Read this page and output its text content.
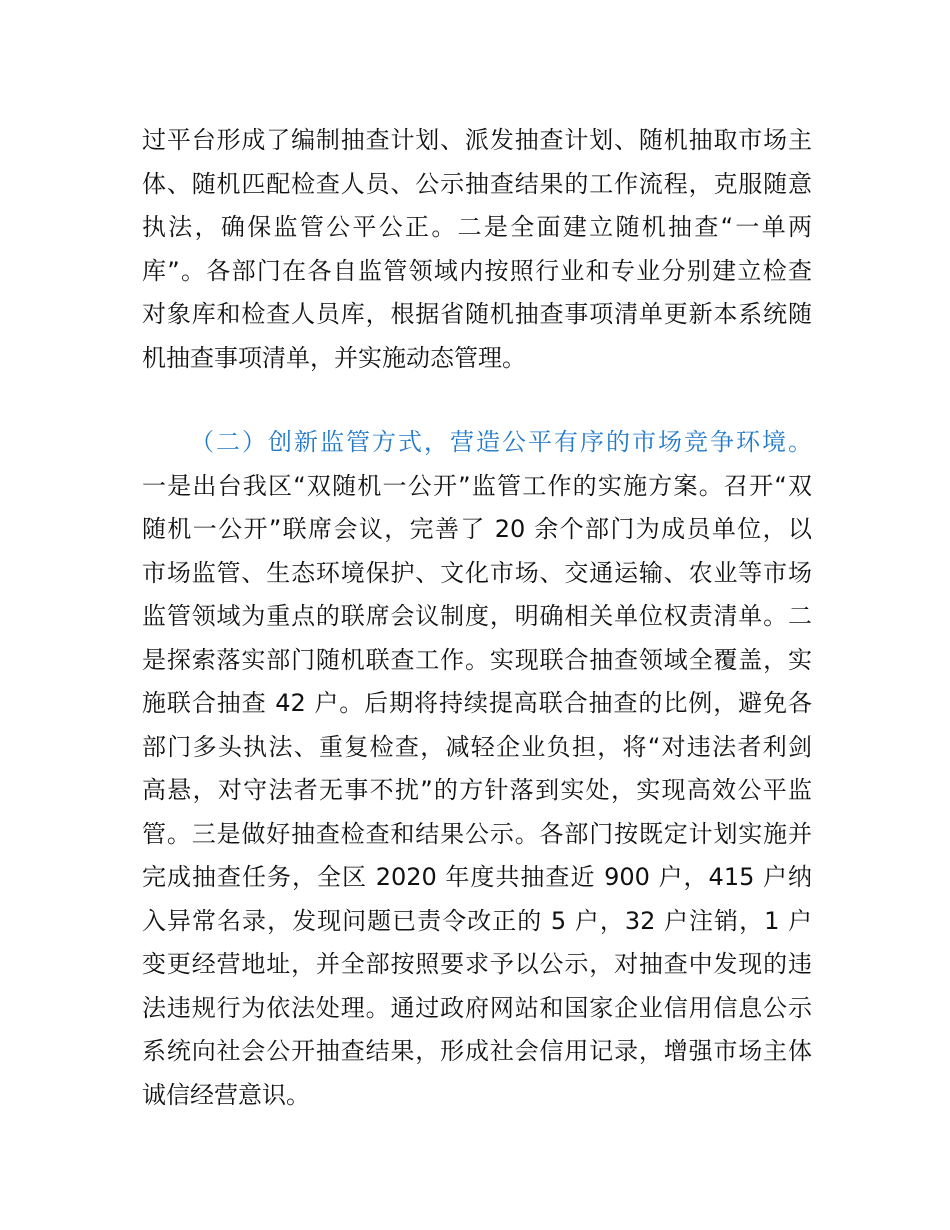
过平台形成了编制抽查计划、派发抽查计划、随机抽取市场主
体、随机匹配检查人员、公示抽查结果的工作流程，克服随意
执法，确保监管公平公正。二是全面建立随机抽查“一单两
库”。各部门在各自监管领域内按照行业和专业分别建立检查
对象库和检查人员库，根据省随机抽查事项清单更新本系统随
机抽查事项清单，并实施动态管理。
（二）创新监管方式，营造公平有序的市场竞争环境。
一是出台我区“双随机一公开”监管工作的实施方案。召开“双
随机一公开”联席会议，完善了 20 余个部门为成员单位，以
市场监管、生态环境保护、文化市场、交通运输、农业等市场
监管领域为重点的联席会议制度，明确相关单位权责清单。二
是探索落实部门随机联查工作。实现联合抽查领域全覆盖，实
施联合抽查 42 户。后期将持续提高联合抽查的比例，避免各
部门多头执法、重复检查，减轻企业负担，将“对违法者利剑
高悬，对守法者无事不扰”的方针落到实处，实现高效公平监
管。三是做好抽查检查和结果公示。各部门按既定计划实施并
完成抽查任务，全区 2020 年度共抽查近 900 户，415 户纳
入异常名录，发现问题已责令改正的 5 户，32 户注销，1 户
变更经营地址，并全部按照要求予以公示，对抽查中发现的违
法违规行为依法处理。通过政府网站和国家企业信用信息公示
系统向社会公开抽查结果，形成社会信用记录，增强市场主体
诚信经营意识。
